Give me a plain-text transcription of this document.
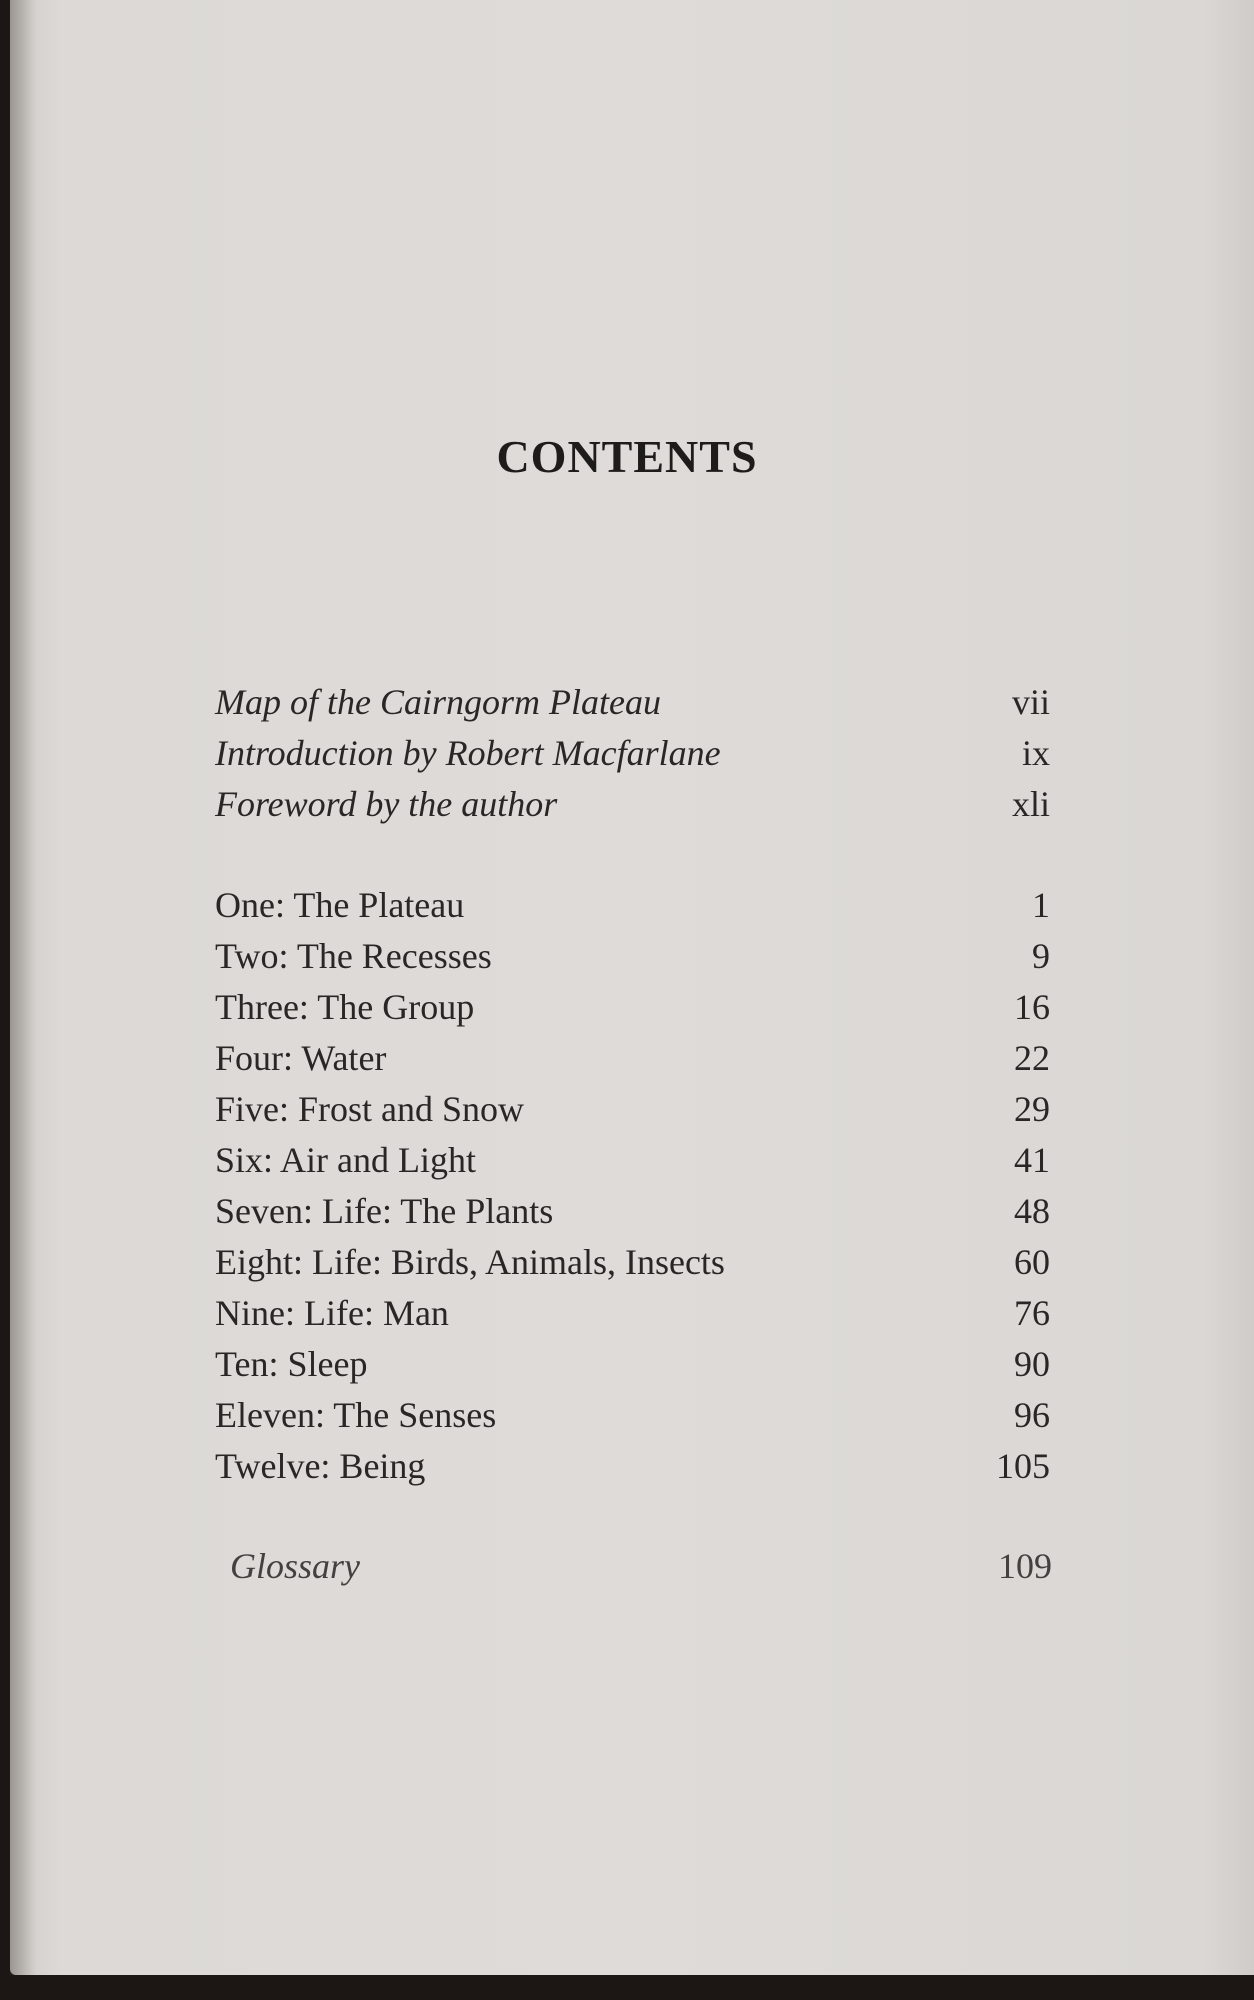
CONTENTS
Map of the Cairngorm Plateau	vii
Introduction by Robert Macfarlane	ix
Foreword by the author	xli
One: The Plateau	1
Two: The Recesses	9
Three: The Group	16
Four: Water	22
Five: Frost and Snow	29
Six: Air and Light	41
Seven: Life: The Plants	48
Eight: Life: Birds, Animals, Insects	60
Nine: Life: Man	76
Ten: Sleep	90
Eleven: The Senses	96
Twelve: Being	105
Glossary	109
